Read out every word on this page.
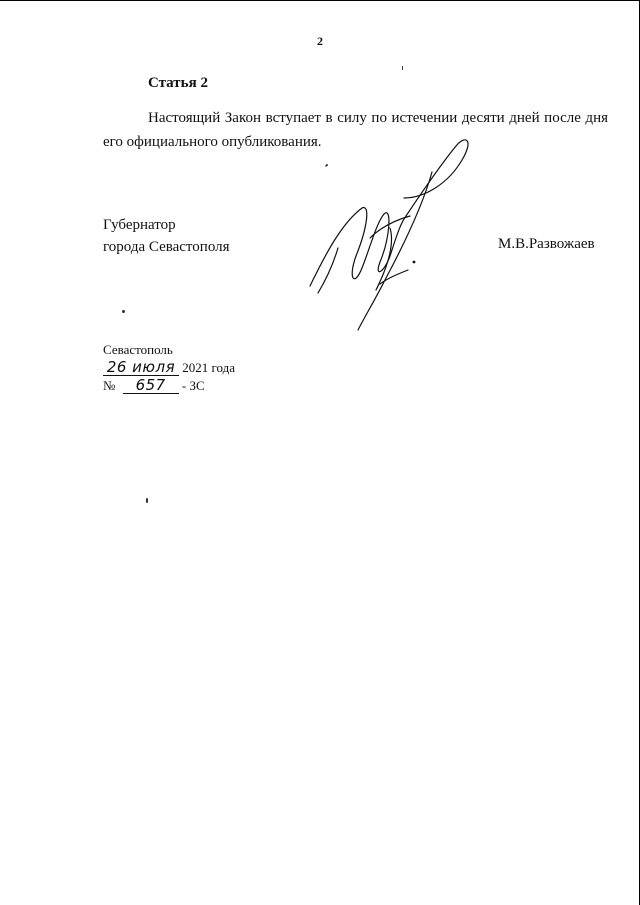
2
Статья 2
Настоящий Закон вступает в силу по истечении десяти дней после дня его официального опубликования.
Губернатор
города Севастополя	М.В.Развожаев
Севастополь
26 июля 2021 года
№ 657 - ЗС
